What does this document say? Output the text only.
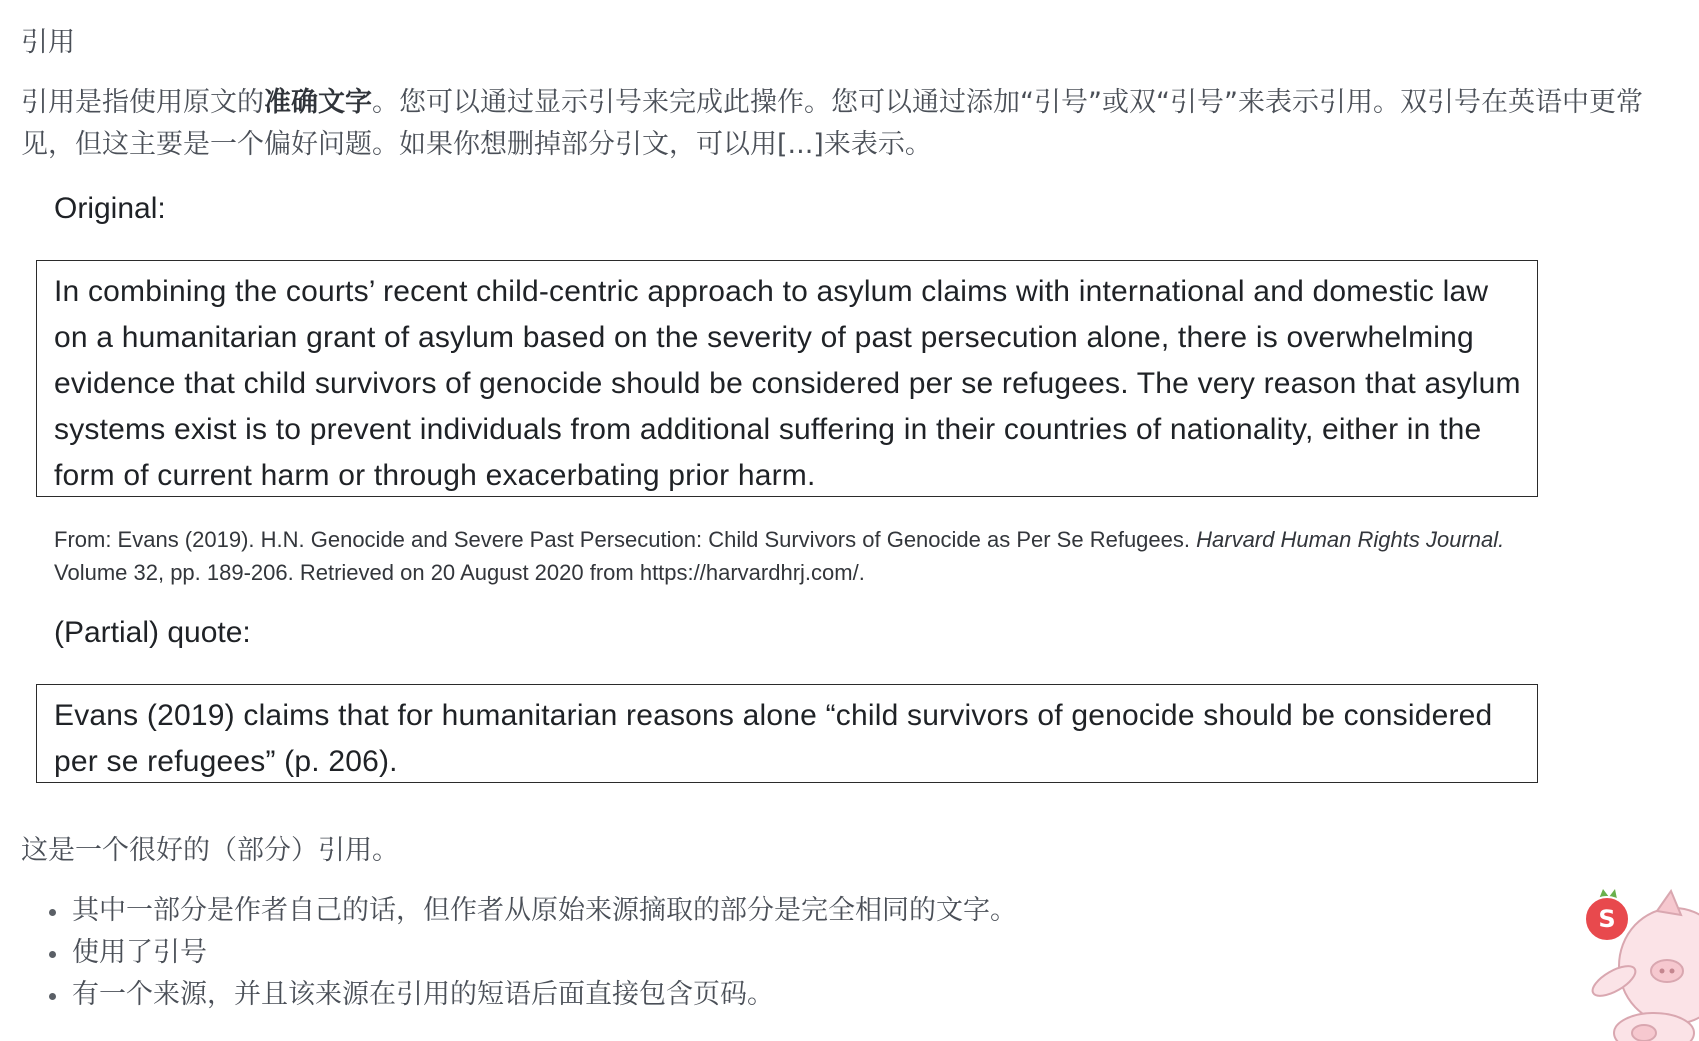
引用
引用是指使用原文的准确文字。您可以通过显示引号来完成此操作。您可以通过添加“引号”或双“引号”来表示引用。双引号在英语中更常见，但这主要是一个偏好问题。如果你想删掉部分引文，可以用[...]来表示。
Original:
In combining the courts’ recent child-centric approach to asylum claims with international and domestic law on a humanitarian grant of asylum based on the severity of past persecution alone, there is overwhelming evidence that child survivors of genocide should be considered per se refugees. The very reason that asylum systems exist is to prevent individuals from additional suffering in their countries of nationality, either in the form of current harm or through exacerbating prior harm.
From: Evans (2019). H.N. Genocide and Severe Past Persecution: Child Survivors of Genocide as Per Se Refugees. Harvard Human Rights Journal. Volume 32, pp. 189-206. Retrieved on 20 August 2020 from https://harvardhrj.com/.
(Partial) quote:
Evans (2019) claims that for humanitarian reasons alone “child survivors of genocide should be considered per se refugees” (p. 206).
这是一个很好的（部分）引用。
其中一部分是作者自己的话，但作者从原始来源摘取的部分是完全相同的文字。
使用了引号
有一个来源，并且该来源在引用的短语后面直接包含页码。
S
